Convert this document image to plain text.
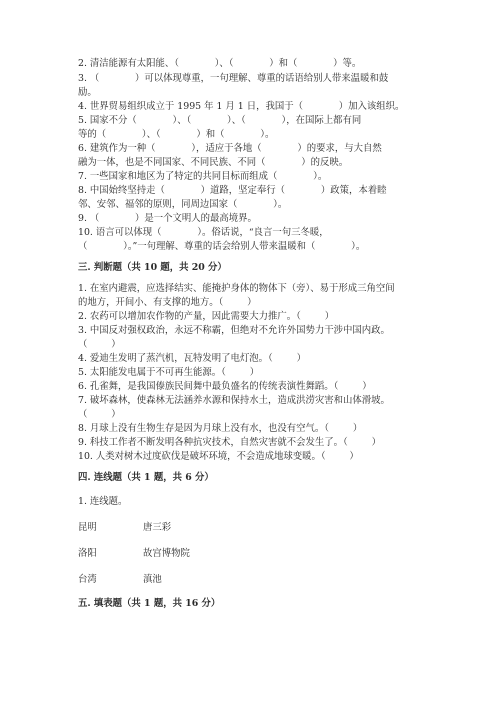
2. 清洁能源有太阳能、（            ）、（            ）和（            ）等。
3. （            ）可以体现尊重，一句理解、尊重的话语给别人带来温暖和鼓
励。
4. 世界贸易组织成立于 1995 年 1 月 1 日，我国于（            ）加入该组织。
5. 国家不分（            ）、（            ）、（            ），在国际上都有同
等的（            ）、（            ）和（            ）。
6. 建筑作为一种（            ），适应于各地（            ）的要求，与大自然
融为一体，也是不同国家、不同民族、不同（            ）的反映。
7. 一些国家和地区为了特定的共同目标而组成（            ）。
8. 中国始终坚持走（            ）道路，坚定奉行（            ）政策，本着睦
邻、安邻、福邻的原则，同周边国家（            ）。
9. （            ）是一个文明人的最高境界。
10. 语言可以体现（            ）。俗话说，“良言一句三冬暖，
（            ）。”一句理解、尊重的话会给别人带来温暖和（            ）。
三. 判断题（共 10 题，共 20 分）
1. 在室内避震，应选择结实、能掩护身体的物体下（旁）、易于形成三角空间
的地方，开间小、有支撑的地方。（        ）
2. 农药可以增加农作物的产量，因此需要大力推广。（        ）
3. 中国反对强权政治，永远不称霸，但绝对不允许外国势力干涉中国内政。
（        ）
4. 爱迪生发明了蒸汽机，瓦特发明了电灯泡。（        ）
5. 太阳能发电属于不可再生能源。（        ）
6. 孔雀舞，是我国傣族民间舞中最负盛名的传统表演性舞蹈。（        ）
7. 破坏森林，使森林无法涵养水源和保持水土，造成洪涝灾害和山体滑坡。
（        ）
8. 月球上没有生物生存是因为月球上没有水，也没有空气。（        ）
9. 科技工作者不断发明各种抗灾技术，自然灾害就不会发生了。（        ）
10. 人类对树木过度砍伐是破坏环境，不会造成地球变暖。（        ）
四. 连线题（共 1 题，共 6 分）
1. 连线题。
昆明	唐三彩
洛阳	故宫博物院
台湾	滇池
五. 填表题（共 1 题，共 16 分）
